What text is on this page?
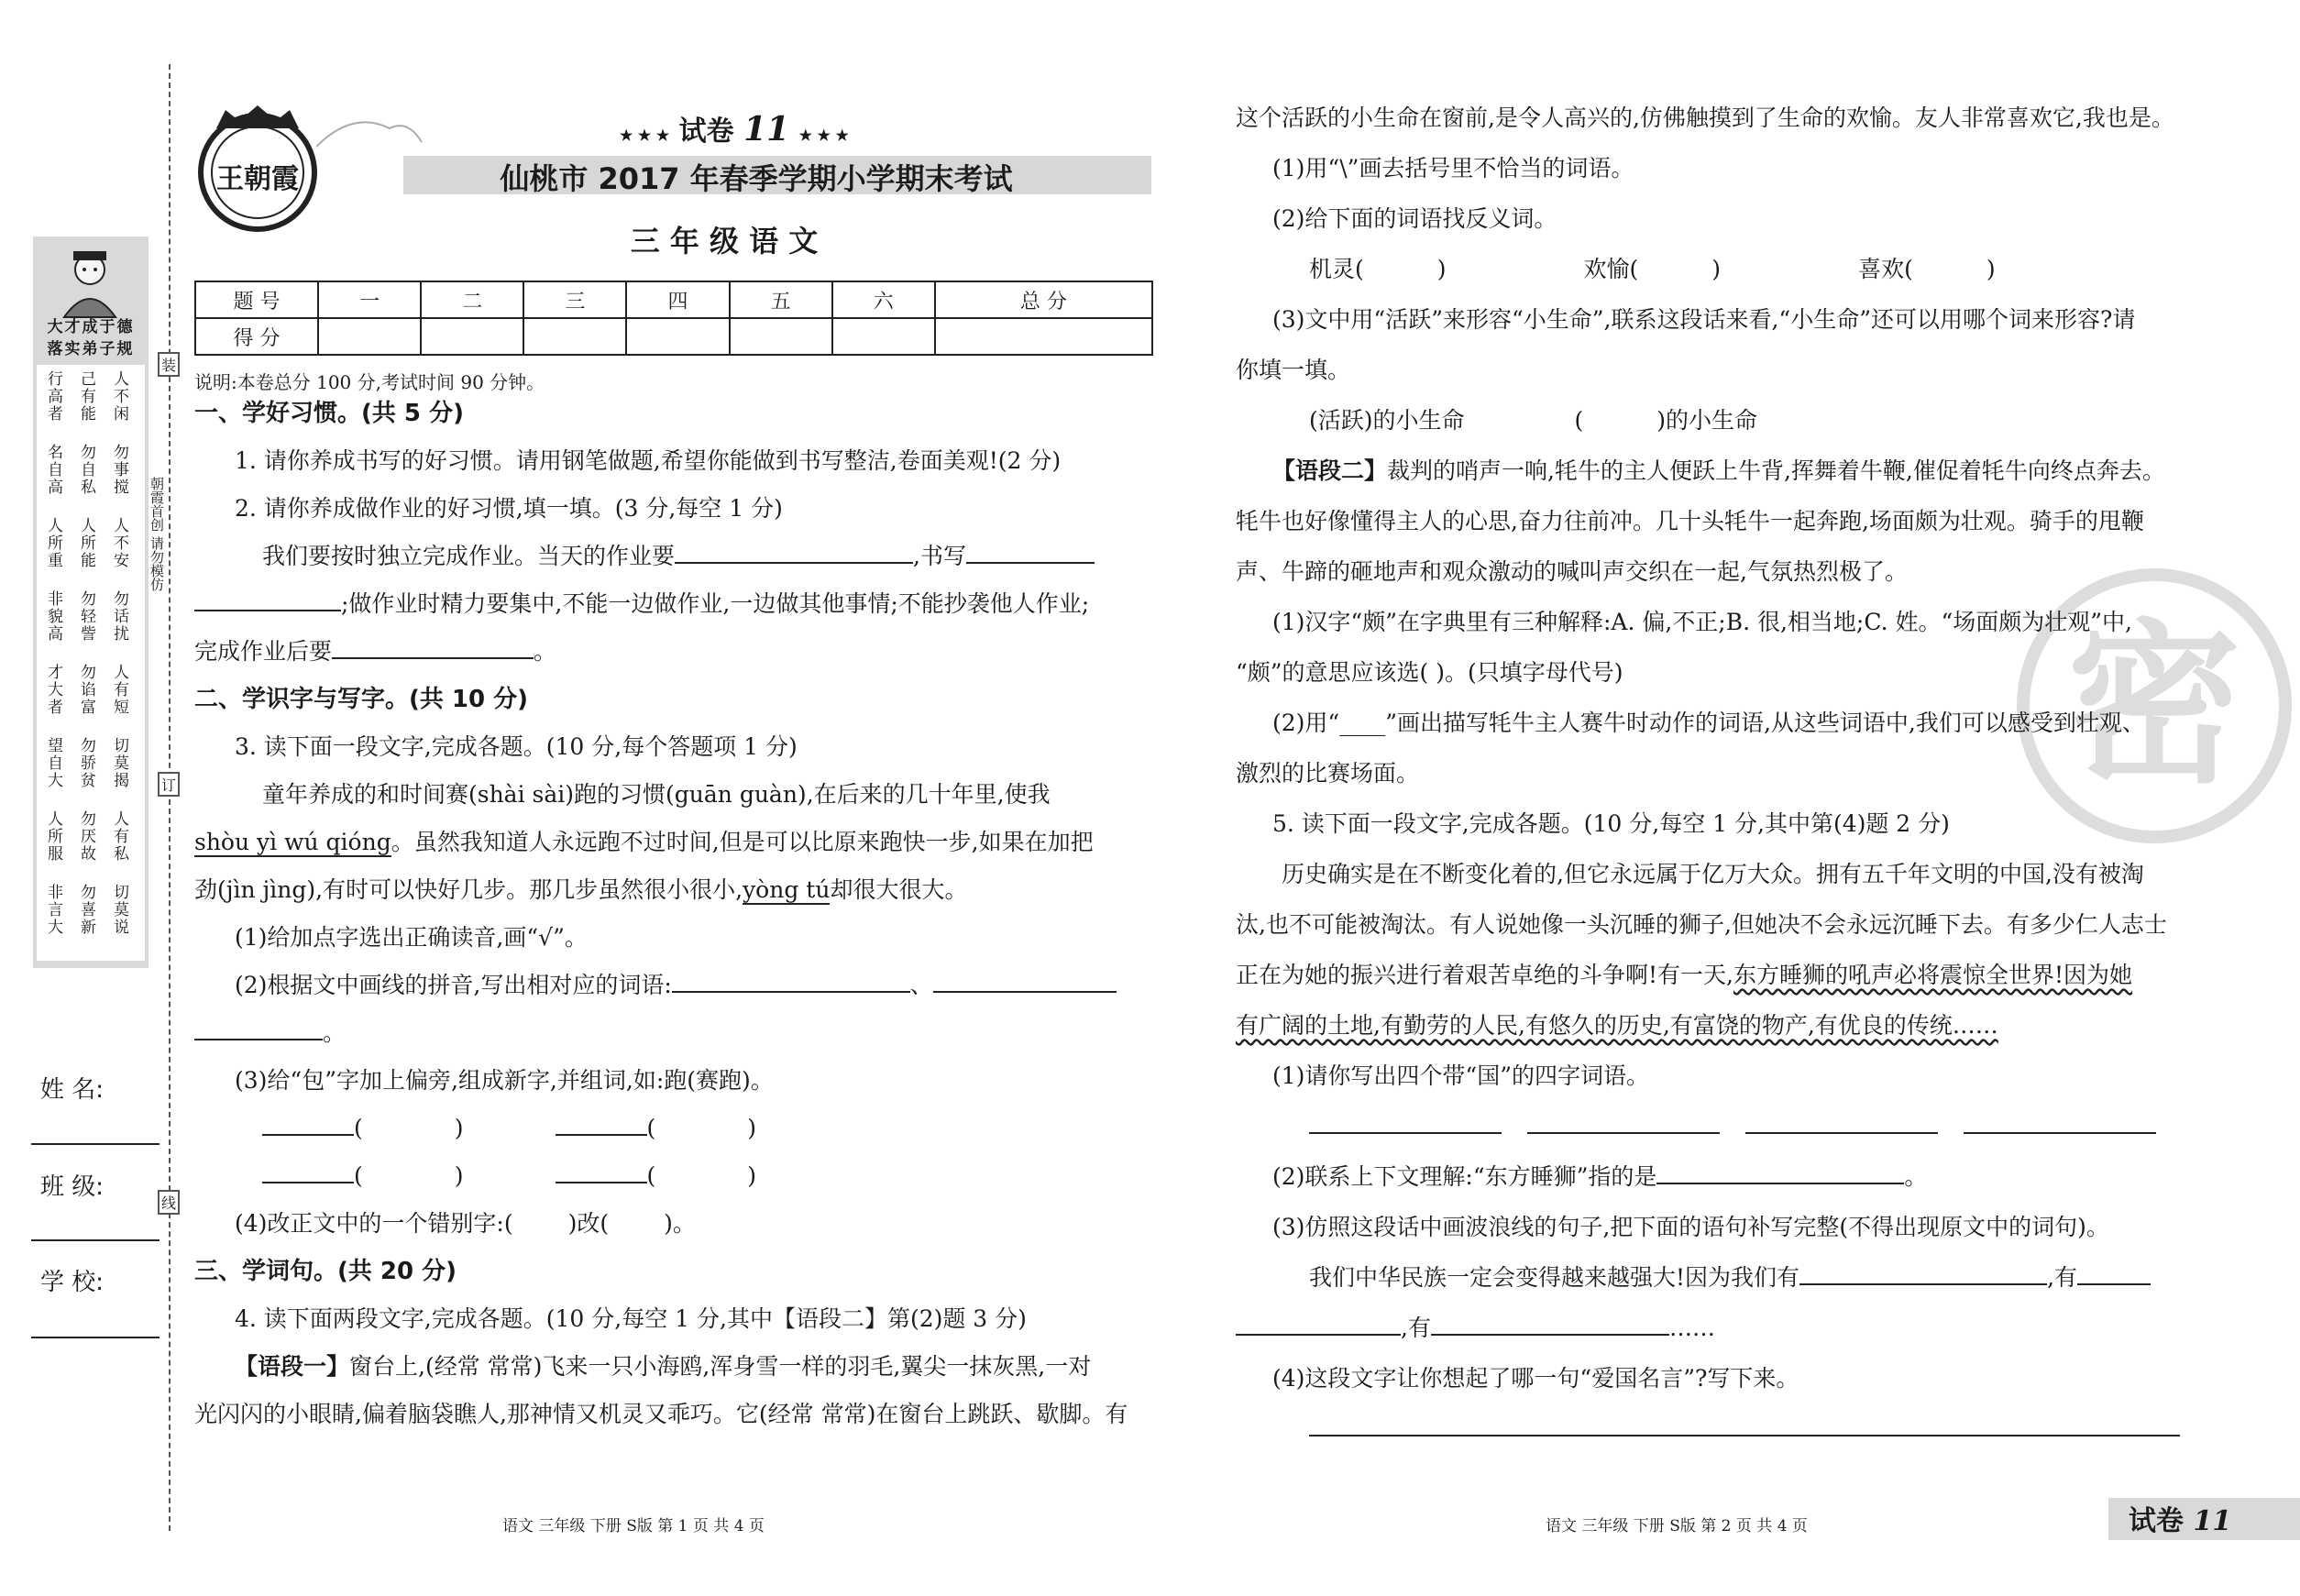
大才成于德
落实弟子规
人不闲
己有能
行高者
勿事搅
勿自私
名自高
人不安
人所能
人所重
勿话扰
勿轻訾
非貌高
人有短
勿谄富
才大者
切莫揭
勿骄贫
望自大
人有私
勿厌故
人所服
切莫说
勿喜新
非言大
装
订
线
朝霞首创 请勿模仿
姓 名:
班 级:
学 校:
王朝霞
★ ★ ★ 试卷 11 ★ ★ ★
仙桃市 2017 年春季学期小学期末考试
三 年 级 语 文
题 号	一	二	三	四	五	六	总 分
得 分							
说明:本卷总分 100 分,考试时间 90 分钟。
一、学好习惯。(共 5 分)
1. 请你养成书写的好习惯。请用钢笔做题,希望你能做到书写整洁,卷面美观!(2 分)
2. 请你养成做作业的好习惯,填一填。(3 分,每空 1 分)
我们要按时独立完成作业。当天的作业要	,书写
;做作业时精力要集中,不能一边做作业,一边做其他事情;不能抄袭他人作业;
完成作业后要	。
二、学识字与写字。(共 10 分)
3. 读下面一段文字,完成各题。(10 分,每个答题项 1 分)
童年养成的和时间赛(shài sài)跑的习惯(guān guàn),在后来的几十年里,使我
shòu yì wú qióng。虽然我知道人永远跑不过时间,但是可以比原来跑快一步,如果在加把
劲(jìn jìng),有时可以快好几步。那几步虽然很小很小,yòng tú却很大很大。
(1)给加点字选出正确读音,画“√”。
(2)根据文中画线的拼音,写出相对应的词语:	、
。
(3)给“包”字加上偏旁,组成新字,并组词,如:跑(赛跑)。
(	)	(	)
(	)	(	)
(4)改正文中的一个错别字:( )改( )。
三、学词句。(共 20 分)
4. 读下面两段文字,完成各题。(10 分,每空 1 分,其中【语段二】第(2)题 3 分)
【语段一】窗台上,(经常 常常)飞来一只小海鸥,浑身雪一样的羽毛,翼尖一抹灰黑,一对
光闪闪的小眼睛,偏着脑袋瞧人,那神情又机灵又乖巧。它(经常 常常)在窗台上跳跃、歇脚。有
语文 三年级 下册 S版 第 1 页 共 4 页
密
这个活跃的小生命在窗前,是令人高兴的,仿佛触摸到了生命的欢愉。友人非常喜欢它,我也是。
(1)用“\”画去括号里不恰当的词语。
(2)给下面的词语找反义词。
机灵(	)	欢愉(	)	喜欢(	)
(3)文中用“活跃”来形容“小生命”,联系这段话来看,“小生命”还可以用哪个词来形容?请
你填一填。
(活跃)的小生命	(	)的小生命
【语段二】裁判的哨声一响,牦牛的主人便跃上牛背,挥舞着牛鞭,催促着牦牛向终点奔去。
牦牛也好像懂得主人的心思,奋力往前冲。几十头牦牛一起奔跑,场面颇为壮观。骑手的甩鞭
声、牛蹄的砸地声和观众激动的喊叫声交织在一起,气氛热烈极了。
(1)汉字“颇”在字典里有三种解释:A. 偏,不正;B. 很,相当地;C. 姓。“场面颇为壮观”中,
“颇”的意思应该选( )。(只填字母代号)
(2)用“____”画出描写牦牛主人赛牛时动作的词语,从这些词语中,我们可以感受到壮观、
激烈的比赛场面。
5. 读下面一段文字,完成各题。(10 分,每空 1 分,其中第(4)题 2 分)
历史确实是在不断变化着的,但它永远属于亿万大众。拥有五千年文明的中国,没有被淘
汰,也不可能被淘汰。有人说她像一头沉睡的狮子,但她决不会永远沉睡下去。有多少仁人志士
正在为她的振兴进行着艰苦卓绝的斗争啊!有一天,东方睡狮的吼声必将震惊全世界!因为她
有广阔的土地,有勤劳的人民,有悠久的历史,有富饶的物产,有优良的传统……
(1)请你写出四个带“国”的四字词语。
(2)联系上下文理解:“东方睡狮”指的是	。
(3)仿照这段话中画波浪线的句子,把下面的语句补写完整(不得出现原文中的词句)。
我们中华民族一定会变得越来越强大!因为我们有	,有
,有	……
(4)这段文字让你想起了哪一句“爱国名言”?写下来。
语文 三年级 下册 S版 第 2 页 共 4 页	试卷 11
